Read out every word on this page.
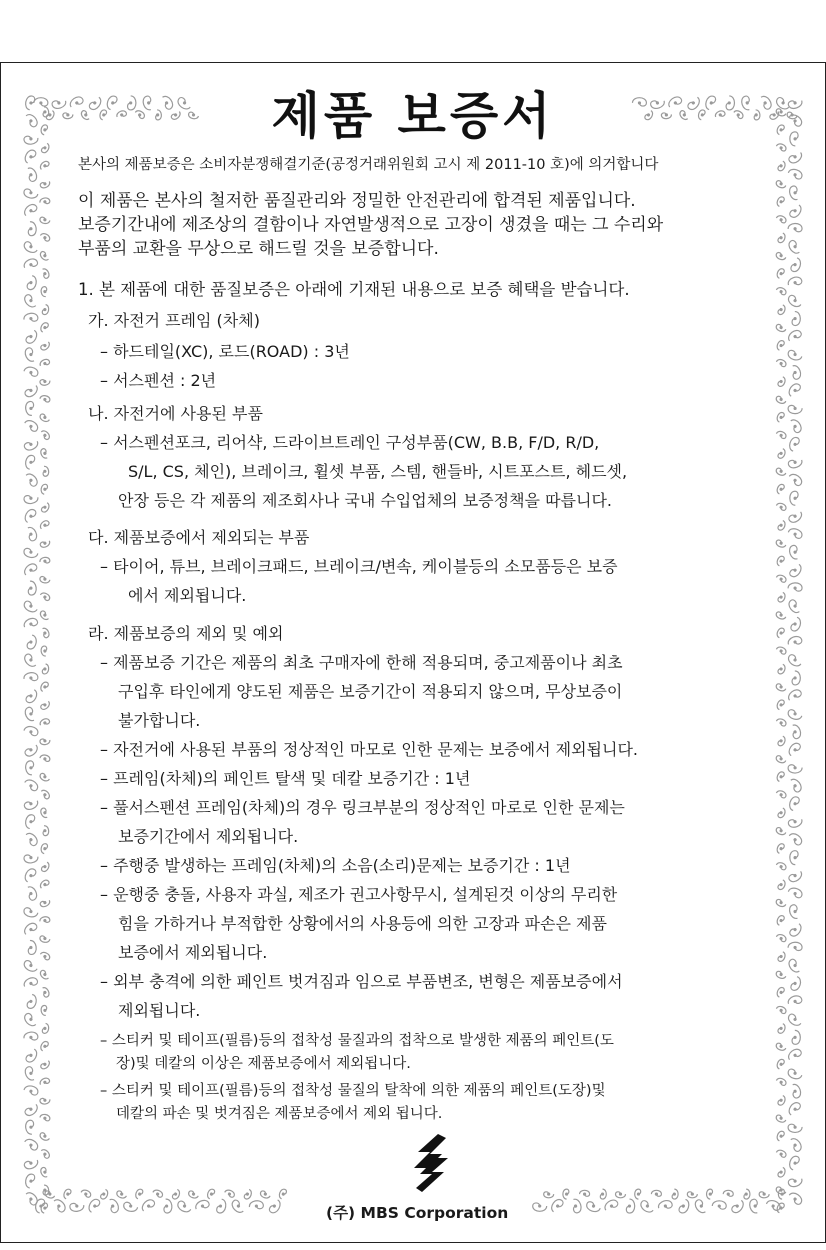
제품 보증서
본사의 제품보증은 소비자분쟁해결기준(공정거래위원회 고시 제 2011-10 호)에 의거합니다
이 제품은 본사의 철저한 품질관리와 정밀한 안전관리에 합격된 제품입니다.
보증기간내에 제조상의 결함이나 자연발생적으로 고장이 생겼을 때는 그 수리와
부품의 교환을 무상으로 해드릴 것을 보증합니다.
1. 본 제품에 대한 품질보증은 아래에 기재된 내용으로 보증 혜택을 받습니다.
가. 자전거 프레임 (차체)
– 하드테일(XC), 로드(ROAD) : 3년
– 서스펜션 : 2년
나. 자전거에 사용된 부품
– 서스펜션포크, 리어샥, 드라이브트레인 구성부품(CW, B.B, F/D, R/D,
S/L, CS, 체인), 브레이크, 휠셋 부품, 스템, 핸들바, 시트포스트, 헤드셋,
안장 등은 각 제품의 제조회사나 국내 수입업체의 보증정책을 따릅니다.
다. 제품보증에서 제외되는 부품
– 타이어, 튜브, 브레이크패드, 브레이크/변속, 케이블등의 소모품등은 보증
에서 제외됩니다.
라. 제품보증의 제외 및 예외
– 제품보증 기간은 제품의 최초 구매자에 한해 적용되며, 중고제품이나 최초
구입후 타인에게 양도된 제품은 보증기간이 적용되지 않으며, 무상보증이
불가합니다.
– 자전거에 사용된 부품의 정상적인 마모로 인한 문제는 보증에서 제외됩니다.
– 프레임(차체)의 페인트 탈색 및 데칼 보증기간 : 1년
– 풀서스펜션 프레임(차체)의 경우 링크부분의 정상적인 마로로 인한 문제는
보증기간에서 제외됩니다.
– 주행중 발생하는 프레임(차체)의 소음(소리)문제는 보증기간 : 1년
– 운행중 충돌, 사용자 과실, 제조가 권고사항무시, 설계된것 이상의 무리한
힘을 가하거나 부적합한 상황에서의 사용등에 의한 고장과 파손은 제품
보증에서 제외됩니다.
– 외부 충격에 의한 페인트 벗겨짐과 임으로 부품변조, 변형은 제품보증에서
제외됩니다.
– 스티커 및 테이프(필름)등의 접착성 물질과의 접착으로 발생한 제품의 페인트(도
장)및 데칼의 이상은 제품보증에서 제외됩니다.
– 스티커 및 테이프(필름)등의 접착성 물질의 탈착에 의한 제품의 페인트(도장)및
데칼의 파손 및 벗겨짐은 제품보증에서 제외 됩니다.
(주) MBS Corporation
